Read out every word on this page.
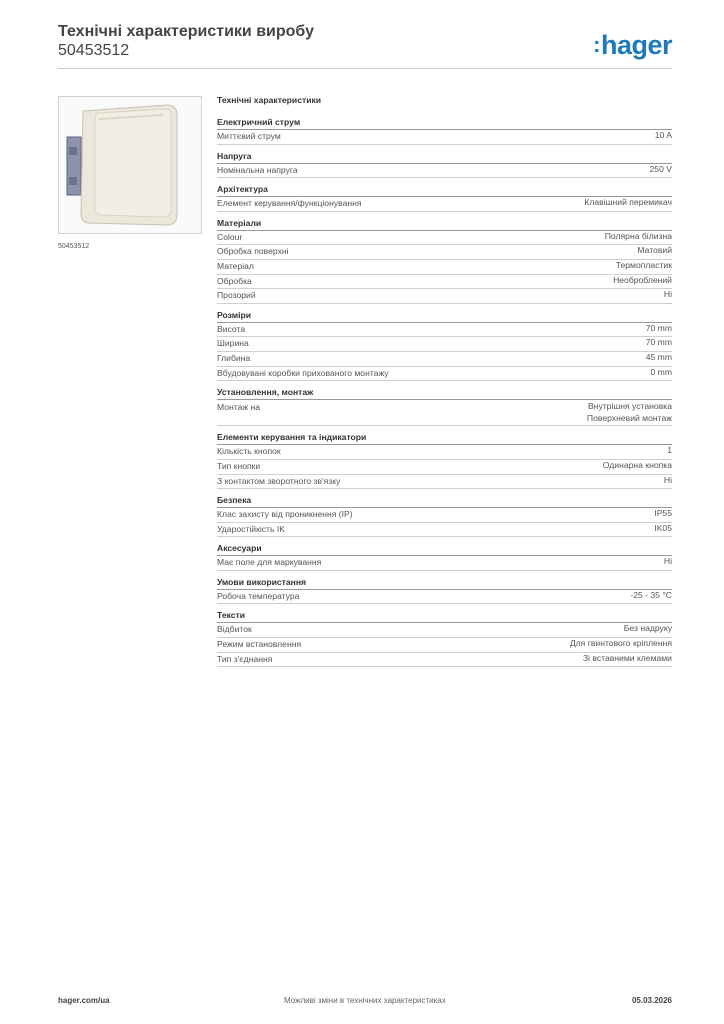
Технічні характеристики виробу
50453512	:hager
50453512
Технічні характеристики
Електричний струм
Миттєвий струм	10 A
Напруга
Номінальна напруга	250 V
Архітектура
Елемент керування/функціонування	Клавішний перемикач
Матеріали
Colour	Полярна білизна
Обробка поверхні	Матовий
Матеріал	Термопластик
Обробка	Необроблений
Прозорий	Ні
Розміри
Висота	70 mm
Ширина	70 mm
Глибина	45 mm
Вбудовувані коробки прихованого монтажу	0 mm
Установлення, монтаж
Монтаж на	Внутрішня установка
Поверхневий монтаж
Елементи керування та індикатори
Кількість кнопок	1
Тип кнопки	Одинарна кнопка
З контактом зворотного зв'язку	Ні
Безпека
Клас захисту від проникнення (IP)	IP55
Ударостійкість IK	IK05
Аксесуари
Має поле для маркування	Ні
Умови використання
Робоча температура	-25 - 35 °C
Тексти
Відбиток	Без надруку
Режим встановлення	Для гвинтового кріплення
Тип з'єднання	Зі вставними клемами
hager.com/ua	Можливі зміни в технічних характеристиках	05.03.2026
